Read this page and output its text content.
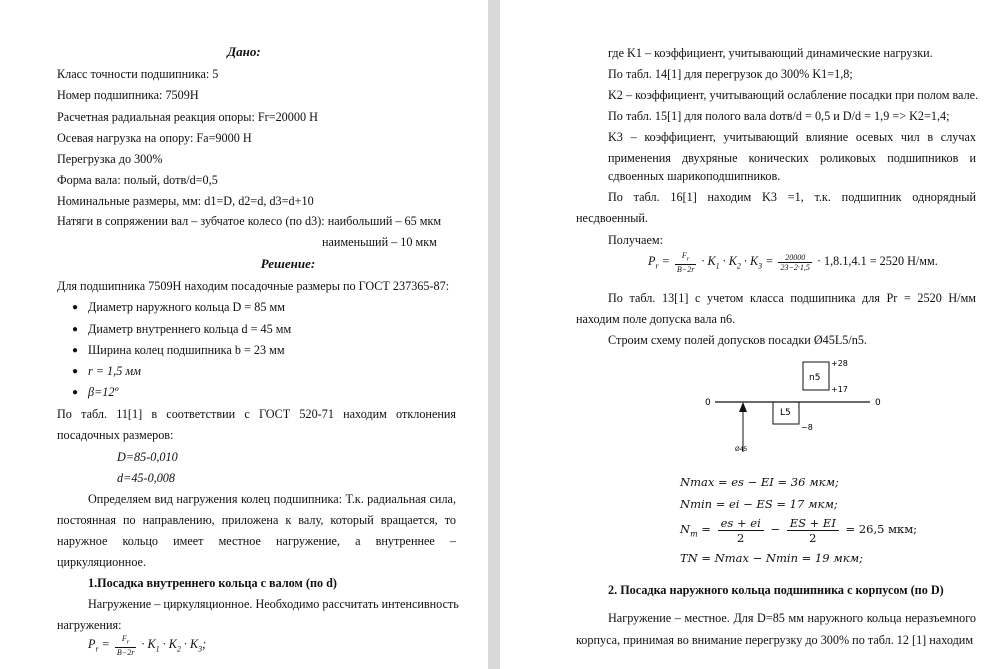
Дано:
Класс точности подшипника: 5
Номер подшипника: 7509Н
Расчетная радиальная реакция опоры: Fr=20000 Н
Осевая нагрузка на опору: Fa=9000 Н
Перегрузка до 300%
Форма вала: полый, dотв/d=0,5
Номинальные размеры, мм: d1=D, d2=d, d3=d+10
Натяги в сопряжении вал – зубчатое колесо (по d3): наибольший – 65 мкм
наименьший – 10 мкм
Решение:
Для подшипника 7509Н находим посадочные размеры по ГОСТ 237365-87:
● Диаметр наружного кольца D = 85 мм
● Диаметр внутреннего кольца d = 45 мм
● Ширина колец подшипника b = 23 мм
● r = 1,5 мм
● β=12º
По табл. 11[1] в соответствии с ГОСТ 520-71 находим отклонения
посадочных размеров:
D=85-0,010
d=45-0,008
Определяем вид нагружения колец подшипника: Т.к. радиальная сила,
постоянная по направлению, приложена к валу, который вращается, то
наружное кольцо имеет местное нагружение, а внутреннее –
циркуляционное.
1.Посадка внутреннего кольца с валом (по d)
Нагружение – циркуляционное. Необходимо рассчитать интенсивность
нагружения:
$P_r = \frac{F_r}{B-2r} \cdot K_1 \cdot K_2 \cdot K_3$;
где K1 – коэффициент, учитывающий динамические нагрузки.
По табл. 14[1] для перегрузок до 300% K1=1,8;
K2 – коэффициент, учитывающий ослабление посадки при полом вале.
По табл. 15[1] для полого вала dотв/d = 0,5 и D/d = 1,9 => K2=1,4;
K3 – коэффициент, учитывающий влияние осевых чил в случах
применения двухряные конических роликовых подшипников и
сдвоенных шарикоподшипников.
По табл. 16[1] находим K3 =1, т.к. подшипник однорядный
несдвоенный.
Получаем:
$P_r = \frac{F_r}{B-2r} \cdot K_1 \cdot K_2 \cdot K_3 = \frac{20000}{23-2\cdot 1,5} \cdot 1,8.1,4.1 = 2520$ Н/мм.
По табл. 13[1] с учетом класса подшипника для Pr = 2520 Н/мм
находим поле допуска вала n6.
Строим схему полей допусков посадки Ø45L5/n5.
0	0
n5
+28
+17
L5
−8
Ø45
Nmax = es − EI = 36 мкм;
Nmin = ei − ES = 17 мкм;
$N_m = \frac{es + ei}{2} - \frac{ES + EI}{2} = 26,5$ мкм;
TN = Nmax − Nmin = 19 мкм;
2. Посадка наружного кольца подшипника с корпусом (по D)
Нагружение – местное. Для D=85 мм наружного кольца неразъемного
корпуса, принимая во внимание перегрузку до 300% по табл. 12 [1] находим
